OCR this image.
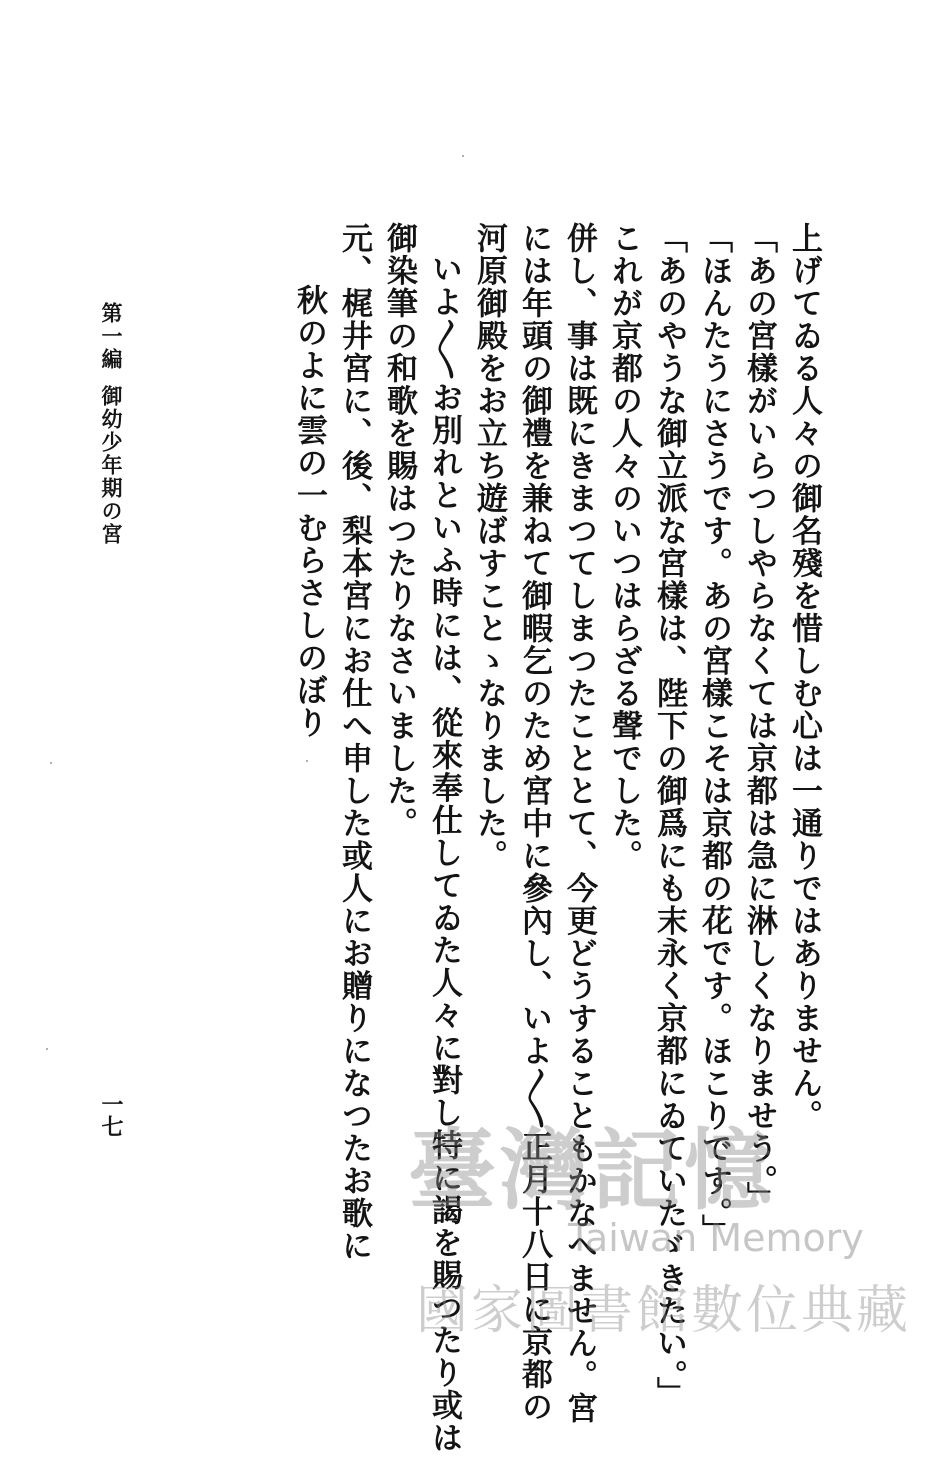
上げてゐる人々の御名殘を惜しむ心は一通りではありません。
「あの宮樣がいらつしやらなくては京都は急に淋しくなりませう。」
「ほんたうにさうです。あの宮樣こそは京都の花です。ほこりです。」
「あのやうな御立派な宮樣は、陛下の御爲にも末永く京都にゐていたゞきたい。」
これが京都の人々のいつはらざる聲でした。
併し、事は既にきまつてしまつたこととて、今更どうすることもかなへません。宮
には年頭の御禮を兼ねて御暇乞のため宮中に參內し、いよ〱正月十八日に京都の
河原御殿をお立ち遊ばすことゝなりました。
いよ〱お別れといふ時には、從來奉仕してゐた人々に對し特に謁を賜つたり或は
御染筆の和歌を賜はつたりなさいました。
元、梶井宮に、後、梨本宮にお仕へ申した或人にお贈りになつたお歌に
秋のよに雲の一むらさしのぼり
第一編御幼少年期の宮
一七
臺灣記憶
Taiwan Memory
國家圖書館數位典藏
